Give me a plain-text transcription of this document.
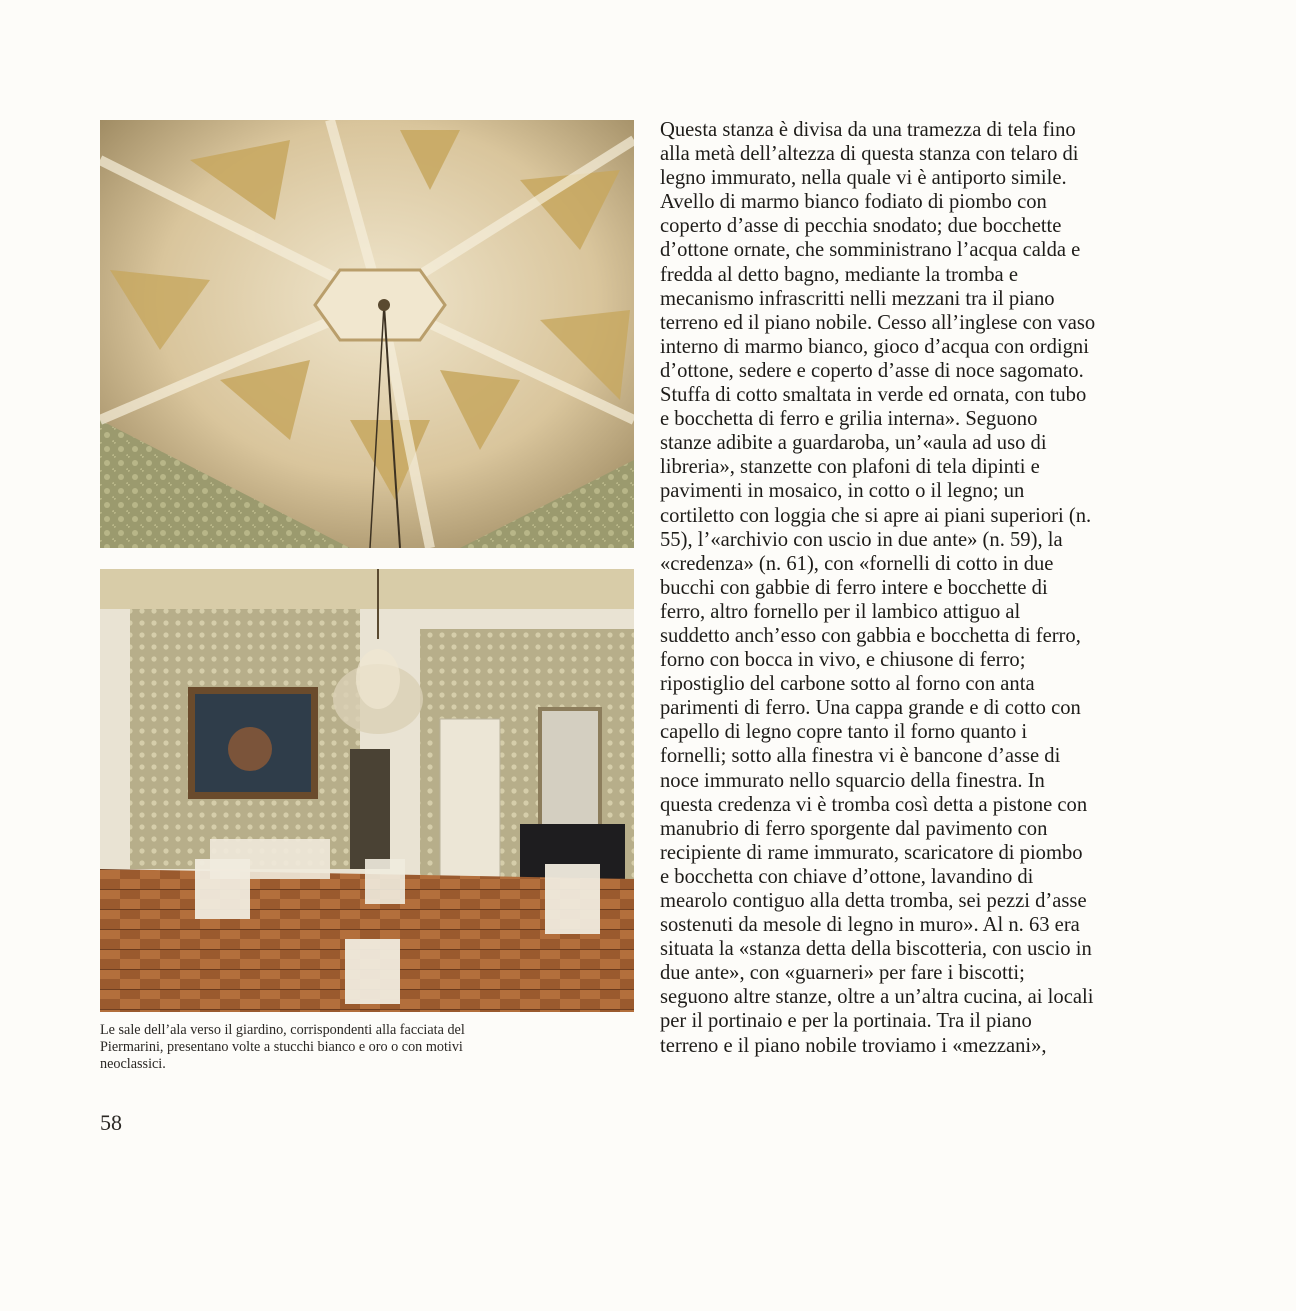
Le sale dell’ala verso il giardino, corrispondenti alla facciata del

Piermarini, presentano volte a stucchi bianco e oro o con motivi

neoclassici.

58
Questa stanza è divisa da una tramezza di tela fino
alla metà dell’altezza di questa stanza con telaro di
legno immurato, nella quale vi è antiporto simile.
Avello di marmo bianco fodiato di piombo con
coperto d’asse di pecchia snodato; due bocchette
d’ottone ornate, che somministrano l’acqua calda e
fredda al detto bagno, mediante la tromba e
mecanismo infrascritti nelli mezzani tra il piano
terreno ed il piano nobile. Cesso all’inglese con vaso
interno di marmo bianco, gioco d’acqua con ordigni
d’ottone, sedere e coperto d’asse di noce sagomato.
Stuffa di cotto smaltata in verde ed ornata, con tubo
e bocchetta di ferro e grilia interna». Seguono
stanze adibite a guardaroba, un’«aula ad uso di
libreria», stanzette con plafoni di tela dipinti e
pavimenti in mosaico, in cotto o il legno; un
cortiletto con loggia che si apre ai piani superiori (n.
55), l’«archivio con uscio in due ante» (n. 59), la
«credenza» (n. 61), con «fornelli di cotto in due
bucchi con gabbie di ferro intere e bocchette di
ferro, altro fornello per il lambico attiguo al
suddetto anch’esso con gabbia e bocchetta di ferro,
forno con bocca in vivo, e chiusone di ferro;
ripostiglio del carbone sotto al forno con anta
parimenti di ferro. Una cappa grande e di cotto con
capello di legno copre tanto il forno quanto i
fornelli; sotto alla finestra vi è bancone d’asse di
noce immurato nello squarcio della finestra. In
questa credenza vi è tromba così detta a pistone con
manubrio di ferro sporgente dal pavimento con
recipiente di rame immurato, scaricatore di piombo
e bocchetta con chiave d’ottone, lavandino di
mearolo contiguo alla detta tromba, sei pezzi d’asse
sostenuti da mesole di legno in muro». Al n. 63 era
situata la «stanza detta della biscotteria, con uscio in
due ante», con «guarneri» per fare i biscotti;
seguono altre stanze, oltre a un’altra cucina, ai locali
per il portinaio e per la portinaia. Tra il piano
terreno e il piano nobile troviamo i «mezzani»,
